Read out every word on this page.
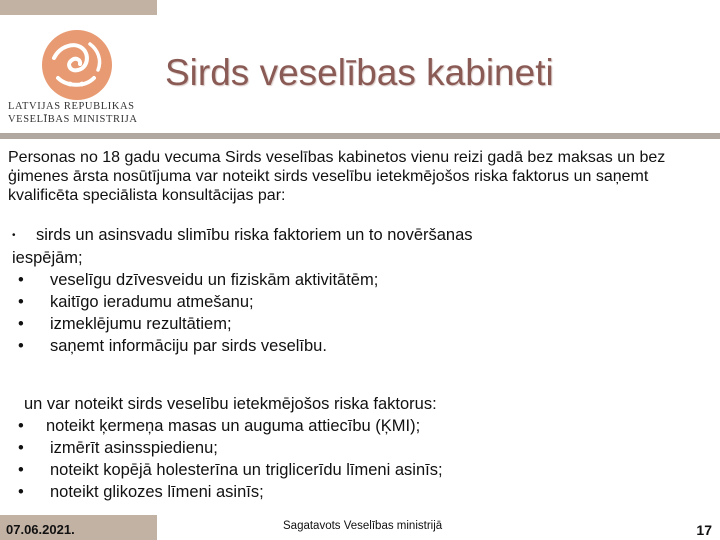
LATVIJAS REPUBLIKAS
VESELĪBAS MINISTRIJA
Sirds veselības kabineti

Personas no 18 gadu vecuma Sirds veselības kabinetos vienu reizi gadā bez maksas un bez ģimenes ārsta nosūtījuma var noteikt sirds veselību ietekmējošos riska faktorus un saņemt kvalificēta speciālista konsultācijas par:

• sirds un asinsvadu slimību riska faktoriem un to novēršanas
iespējām;
• veselīgu dzīvesveidu un fiziskām aktivitātēm;
• kaitīgo ieradumu atmešanu;
• izmeklējumu rezultātiem;
• saņemt informāciju par sirds veselību.
un var noteikt sirds veselību ietekmējošos riska faktorus:
• noteikt ķermeņa masas un auguma attiecību (ĶMI);
• izmērīt asinsspiedienu;
• noteikt kopējā holesterīna un triglicerīdu līmeni asinīs;
• noteikt glikozes līmeni asinīs;
07.06.2021.	Sagatavots Veselības ministrijā	17
